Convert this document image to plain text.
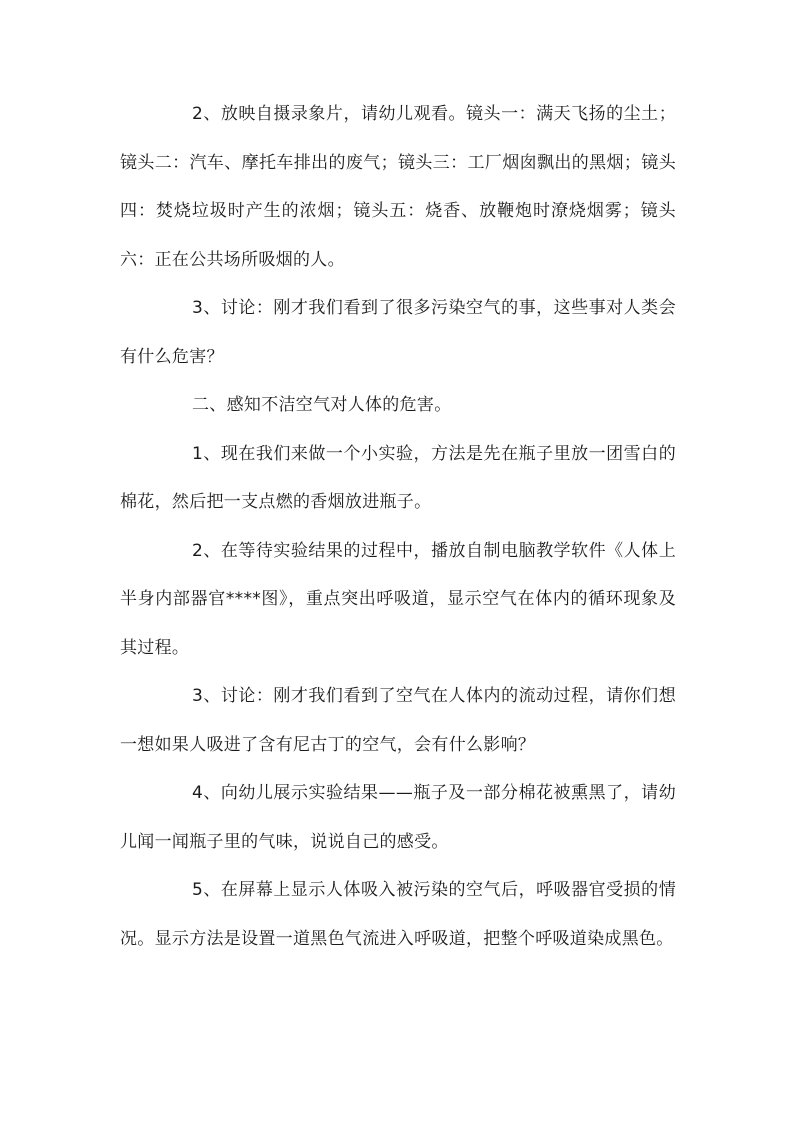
2、放映自摄录象片，请幼儿观看。镜头一：满天飞扬的尘土；镜头二：汽车、摩托车排出的废气；镜头三：工厂烟囱飘出的黑烟；镜头四：焚烧垃圾时产生的浓烟；镜头五：烧香、放鞭炮时潦烧烟雾；镜头六：正在公共场所吸烟的人。

3、讨论：刚才我们看到了很多污染空气的事，这些事对人类会有什么危害？

二、感知不洁空气对人体的危害。

1、现在我们来做一个小实验，方法是先在瓶子里放一团雪白的棉花，然后把一支点燃的香烟放进瓶子。

2、在等待实验结果的过程中，播放自制电脑教学软件《人体上半身内部器官****图》，重点突出呼吸道，显示空气在体内的循环现象及其过程。

3、讨论：刚才我们看到了空气在人体内的流动过程，请你们想一想如果人吸进了含有尼古丁的空气，会有什么影响？

4、向幼儿展示实验结果——瓶子及一部分棉花被熏黑了，请幼儿闻一闻瓶子里的气味，说说自己的感受。

5、在屏幕上显示人体吸入被污染的空气后，呼吸器官受损的情况。显示方法是设置一道黑色气流进入呼吸道，把整个呼吸道染成黑色。
